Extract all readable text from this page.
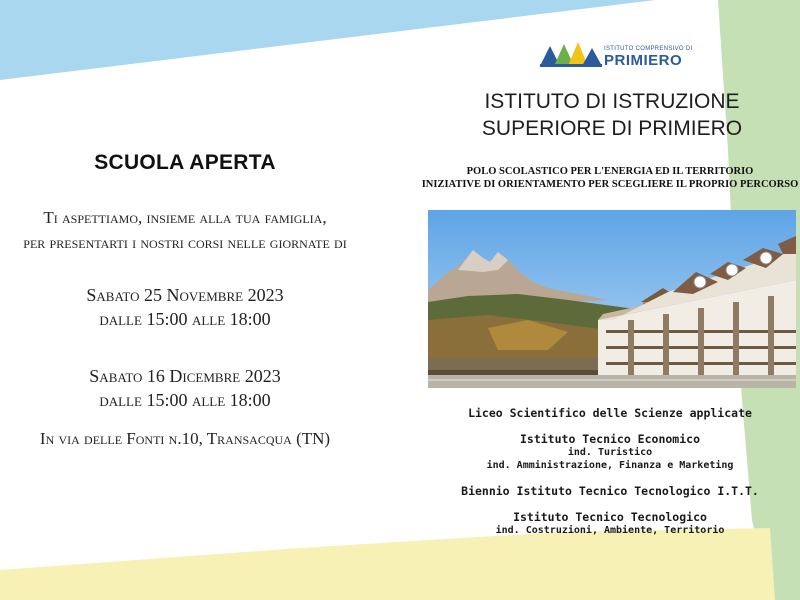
SCUOLA APERTA
Ti aspettiamo, insieme alla tua famiglia,
per presentarti i nostri corsi nelle giornate di
Sabato 25 Novembre 2023
dalle 15:00 alle 18:00
Sabato 16 Dicembre 2023
dalle 15:00 alle 18:00
In via delle Fonti n.10, Transacqua (TN)
ISTITUTO COMPRENSIVO DI
PRIMIERO
ISTITUTO DI ISTRUZIONE
SUPERIORE DI PRIMIERO
POLO SCOLASTICO PER L'ENERGIA ED IL TERRITORIO
INIZIATIVE DI ORIENTAMENTO PER SCEGLIERE IL PROPRIO PERCORSO
Liceo Scientifico delle Scienze applicate
Istituto Tecnico Economico
ind. Turistico
ind. Amministrazione, Finanza e Marketing
Biennio Istituto Tecnico Tecnologico I.T.T.
Istituto Tecnico Tecnologico
ind. Costruzioni, Ambiente, Territorio
